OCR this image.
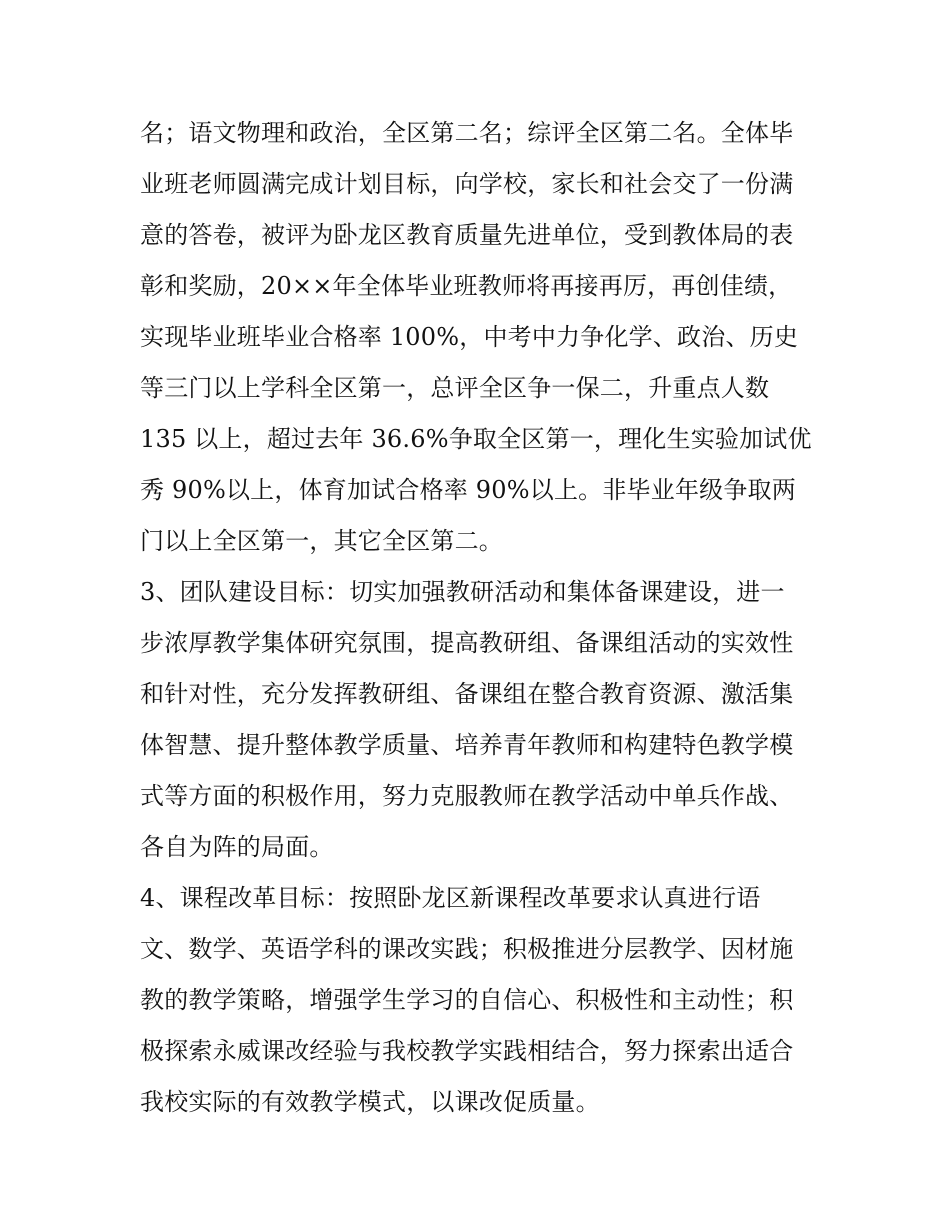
名；语文物理和政治，全区第二名；综评全区第二名。全体毕
业班老师圆满完成计划目标，向学校，家长和社会交了一份满
意的答卷，被评为卧龙区教育质量先进单位，受到教体局的表
彰和奖励，20××年全体毕业班教师将再接再厉，再创佳绩，
实现毕业班毕业合格率 100%，中考中力争化学、政治、历史
等三门以上学科全区第一，总评全区争一保二，升重点人数
135 以上，超过去年 36.6%争取全区第一，理化生实验加试优
秀 90%以上，体育加试合格率 90%以上。非毕业年级争取两
门以上全区第一，其它全区第二。
3、团队建设目标：切实加强教研活动和集体备课建设，进一
步浓厚教学集体研究氛围，提高教研组、备课组活动的实效性
和针对性，充分发挥教研组、备课组在整合教育资源、激活集
体智慧、提升整体教学质量、培养青年教师和构建特色教学模
式等方面的积极作用，努力克服教师在教学活动中单兵作战、
各自为阵的局面。
4、课程改革目标：按照卧龙区新课程改革要求认真进行语
文、数学、英语学科的课改实践；积极推进分层教学、因材施
教的教学策略，增强学生学习的自信心、积极性和主动性；积
极探索永威课改经验与我校教学实践相结合，努力探索出适合
我校实际的有效教学模式，以课改促质量。
